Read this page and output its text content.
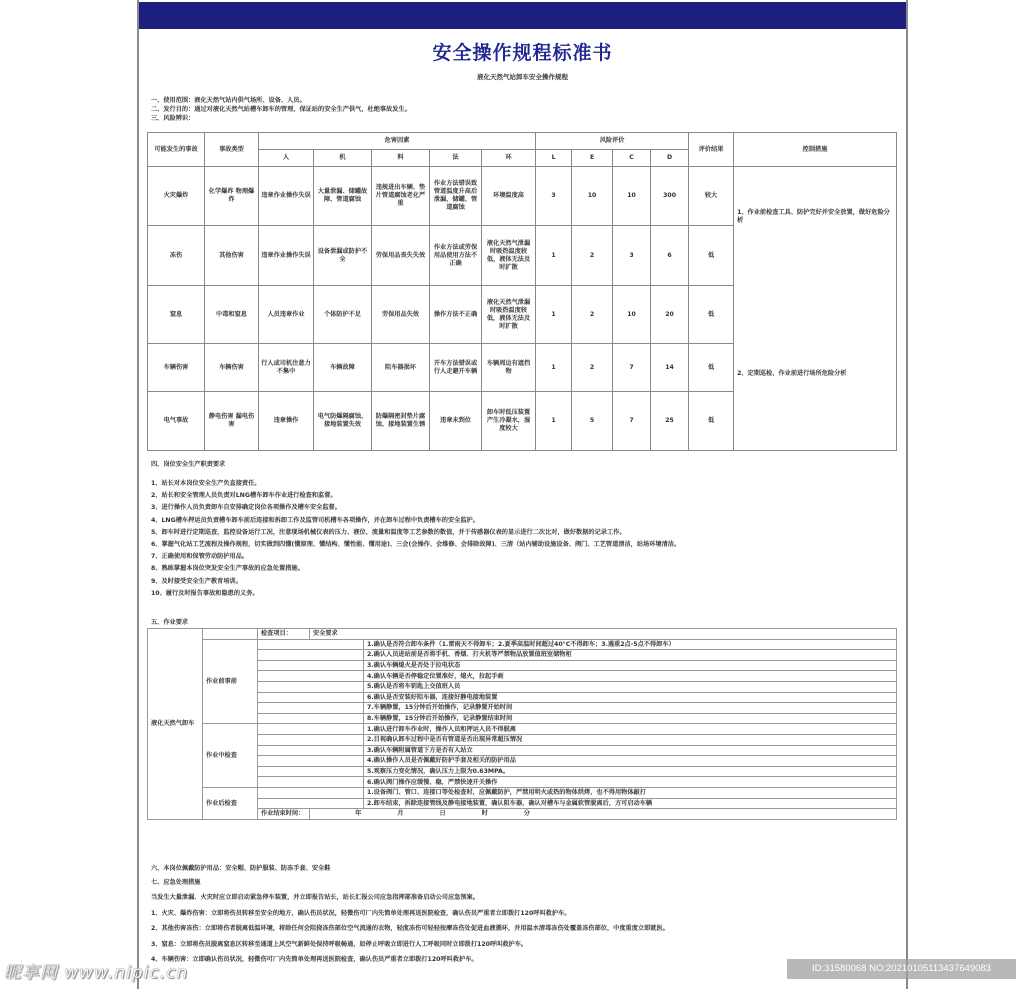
安全操作规程标准书
液化天然气站卸车安全操作规程
一、使用范围：液化天然气站内供气场所、设备、人员。
二、发行目的：通过对液化天然气站槽车卸车的管理，保证站的安全生产供气，杜绝事故发生。
三、风险辨识：
可能发生的事故	事故类型	危害因素					风险评价				评价结果	控制措施
		人	机	料	法	环	L	E	C	D		
火灾爆炸	化学爆炸 物理爆炸	违章作业操作失误	大量泄漏、储罐故障、管道腐蚀	违规进出车辆、垫片管道腐蚀老化严重	作业方法错误致管道温度升高后泄漏，储罐、管道腐蚀	环境温度高	3	10	10	300	较大	1、作业前检查工具、防护完好并安全放置，做好危险分析
2、定期巡检，作业前进行场所危险分析

冻伤	其他伤害	违章作业操作失误	设备泄漏或防护不全	劳保用品丧失失效	作业方法或劳保用品使用方法不正确	液化天然气泄漏时吸热温度较低，液体无法及时扩散	1	2	3	6	低	
窒息	中毒和窒息	人员违章作业	个体防护不足	劳保用品失效	操作方法不正确	液化天然气泄漏时吸热温度较低，液体无法及时扩散	1	2	10	20	低	
车辆伤害	车辆伤害	行人或司机注意力不集中	车辆故障	阻车器损坏	开车方法错误或行人走避开车辆	车辆周边有遮挡物	1	2	7	14	低	
电气事故	静电伤害 漏电伤害	违章操作	电气防爆隔腐蚀、接地装置失效	防爆隔密封垫片腐蚀、接地装置生锈	违章未到位	卸车时低压装置产生冷凝水，湿度较大	1	5	7	25	低	
四、岗位安全生产职责要求
1、站长对本岗位安全生产负直接责任。
2、站长和安全管理人员负责对LNG槽车卸车作业进行检查和监督。
3、进行操作人员负责卸车自安排确定岗位各项操作及槽车安全监督。
4、LNG槽车押运员负责槽车卸车前后连接和拆卸工作及监管司机槽车各项操作，并在卸车过程中负责槽车的安全监护。
5、卸车时进行定期巡查，监控设备运行工况，注意现场机械仪表的压力、液位、流量和温度等工艺参数的数值，并于传感器仪表的显示进行二次比对，做好数据的记录工作。
6、掌握气化站工艺流程及操作规程，切实做到四懂(懂原理、懂结构、懂性能、懂用途)、三会(会操作、会维修、会排除故障)、三清（站内辅助设施设备、阀门、工艺管道清洁，站场环境清洁。
7、正确使用和保管劳动防护用品。
8、熟练掌握本岗位突发安全生产事故的应急处置措施。
9、及时接受安全生产教育培训。
10、履行及时报告事故和隐患的义务。
五、作业要求
液化天然气卸车		检查项目：	安全要求	
	作业前事前			1.确认是否符合卸车条件（1.雷雨天不得卸车；2.夏季高温时间超过40°C不得卸车；3.遇重2点-5点不得卸车）
				2.确认人员进站前是否将手机、香烟、打火机等严禁物品放置值班室储物柜
				3.确认车辆熄火是否处于拉电状态
				4.确认车辆是否停稳定位置准好，熄火，拉起手刹
				5.确认是否将车钥匙上交值班人员
				6.确认是否安装好阻车器，连接好静电接地装置
				7.车辆静置，15分钟后开始操作，记录静置开始时间
				8.车辆静置，15分钟后开始操作，记录静置结束时间
	作业中检查			1.确认进行卸车作业时，操作人员和押运人员不得脱离
				2.目视确认卸车过程中是否有管道是否出现异常超压情况
				3.确认车辆附属管道下方是否有人站立
				4.确认操作人员是否佩戴好防护手套及相关的防护用品
				5.观察压力变化情况，确认压力上限为0.63MPA。
				6.确认阀门操作应缓慢、稳，严禁快速开关操作
	作业后检查			1.设备阀门、管口、连接口等处检查时，应佩戴防护，严禁用明火或热的物体烘烤，也不得用物体敲打
				2.卸车结束，拆除连接管线及静电接地装置，确认阻车器，确认对槽车与金属软管脱离后，方可启动车辆
		作业结束时间：	年 月 日 时 分	
六、本岗位佩戴防护用品：安全帽、防护服装、防冻手套、安全鞋
七、应急处理措施
当发生大量泄漏、火灾时应立即启动紧急停车装置，并立即报告站长，站长汇报公司应急指挥部准备启动公司应急预案。
1、火灾、爆炸伤害：立即将伤员转移至安全的地方，确认伤员状况，轻微伤可厂内先简单处理再送医院检查，确认伤员严重者立即拨打120呼叫救护车。
2、其他伤害冻伤：立即将伤者脱离低温环境，将除任何会阻挠冻伤部位空气流通的衣物，轻度冻伤可轻轻按摩冻伤处促进血液循环，并用温水清毒冻伤处覆盖冻伤部位，中度重度立即就医。
3、窒息：立即将伤员脱离窒息区转移至通道上风空气新鲜处保持呼吸畅通，如停止呼吸立即进行人工呼吸同时立即拨打120呼叫救护车。
4、车辆伤害：立即确认伤员状况，轻微伤可厂内先简单处理再送医院检查，确认伤员严重者立即拨打120呼叫救护车。
昵享网 www.nipic.cn	ID:31580068 NO:20210105113437649083
